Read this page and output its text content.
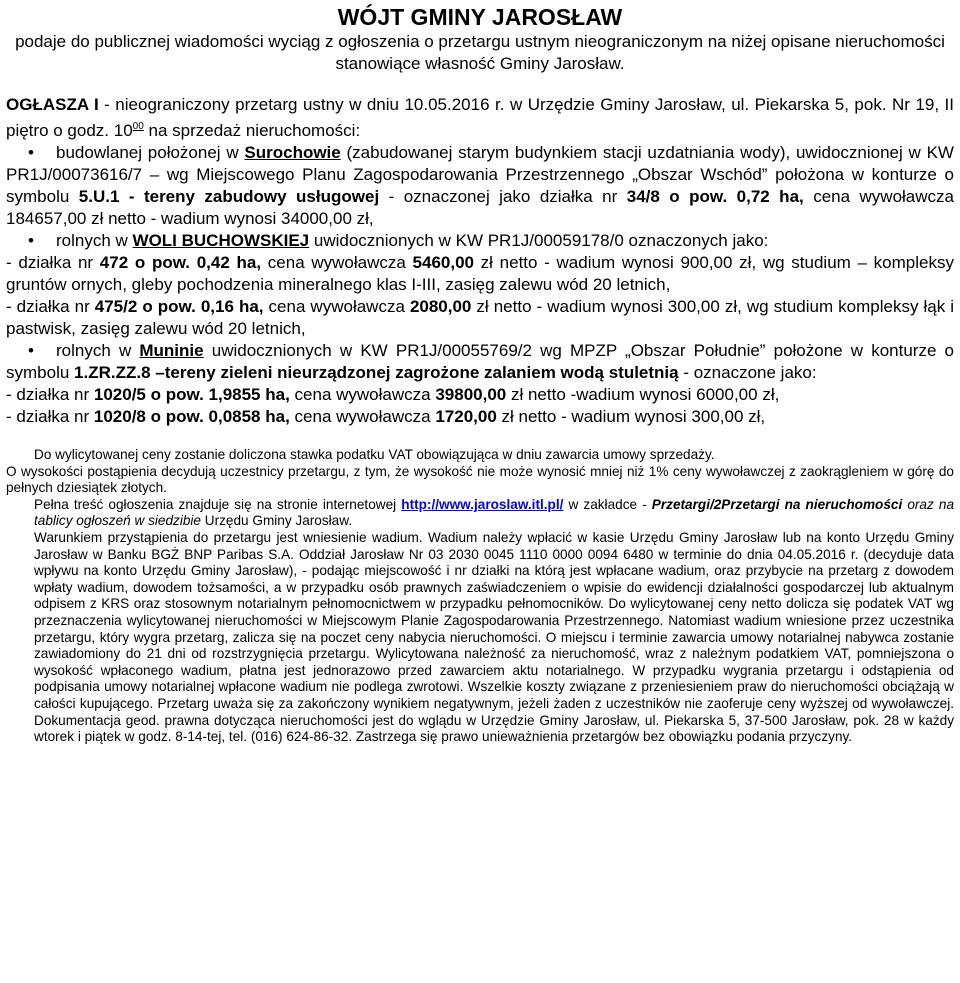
WÓJT GMINY JAROSŁAW
podaje do publicznej wiadomości wyciąg z ogłoszenia o przetargu ustnym nieograniczonym na niżej opisane nieruchomości stanowiące własność Gminy Jarosław.
OGŁASZA I - nieograniczony przetarg ustny w dniu 10.05.2016 r. w Urzędzie Gminy Jarosław, ul. Piekarska 5, pok. Nr 19, II piętro o godz. $10^{00}$ na sprzedaż nieruchomości:
• budowlanej położonej w Surochowie (zabudowanej starym budynkiem stacji uzdatniania wody), uwidocznionej w KW PR1J/00073616/7 – wg Miejscowego Planu Zagospodarowania Przestrzennego „Obszar Wschód” położona w konturze o symbolu 5.U.1 - tereny zabudowy usługowej - oznaczonej jako działka nr 34/8 o pow. 0,72 ha, cena wywoławcza 184657,00 zł netto - wadium wynosi 34000,00 zł,
• rolnych w WOLI BUCHOWSKIEJ uwidocznionych w KW PR1J/00059178/0 oznaczonych jako:
- działka nr 472 o pow. 0,42 ha, cena wywoławcza 5460,00 zł netto - wadium wynosi 900,00 zł, wg studium – kompleksy gruntów ornych, gleby pochodzenia mineralnego klas I-III, zasięg zalewu wód 20 letnich,
- działka nr 475/2 o pow. 0,16 ha, cena wywoławcza 2080,00 zł netto - wadium wynosi 300,00 zł, wg studium kompleksy łąk i pastwisk, zasięg zalewu wód 20 letnich,
• rolnych w Muninie uwidocznionych w KW PR1J/00055769/2 wg MPZP „Obszar Południe” położone w konturze o symbolu 1.ZR.ZZ.8 –tereny zieleni nieurządzonej zagrożone zalaniem wodą stuletnią - oznaczone jako:
- działka nr 1020/5 o pow. 1,9855 ha, cena wywoławcza 39800,00 zł netto -wadium wynosi 6000,00 zł,
- działka nr 1020/8 o pow. 0,0858 ha, cena wywoławcza 1720,00 zł netto - wadium wynosi 300,00 zł,
Do wylicytowanej ceny zostanie doliczona stawka podatku VAT obowiązująca w dniu zawarcia umowy sprzedaży.
O wysokości postąpienia decydują uczestnicy przetargu, z tym, że wysokość nie może wynosić mniej niż 1% ceny wywoławczej z zaokrągleniem w górę do pełnych dziesiątek złotych.
Pełna treść ogłoszenia znajduje się na stronie internetowej http://www.jaroslaw.itl.pl/ w zakładce - Przetargi/2Przetargi na nieruchomości oraz na tablicy ogłoszeń w siedzibie Urzędu Gminy Jarosław.
Warunkiem przystąpienia do przetargu jest wniesienie wadium. Wadium należy wpłacić w kasie Urzędu Gminy Jarosław lub na konto Urzędu Gminy Jarosław w Banku BGŻ BNP Paribas S.A. Oddział Jarosław Nr 03 2030 0045 1110 0000 0094 6480 w terminie do dnia 04.05.2016 r. (decyduje data wpływu na konto Urzędu Gminy Jarosław), - podając miejscowość i nr działki na którą jest wpłacane wadium, oraz przybycie na przetarg z dowodem wpłaty wadium, dowodem tożsamości, a w przypadku osób prawnych zaświadczeniem o wpisie do ewidencji działalności gospodarczej lub aktualnym odpisem z KRS oraz stosownym notarialnym pełnomocnictwem w przypadku pełnomocników. Do wylicytowanej ceny netto dolicza się podatek VAT wg przeznaczenia wylicytowanej nieruchomości w Miejscowym Planie Zagospodarowania Przestrzennego. Natomiast wadium wniesione przez uczestnika przetargu, który wygra przetarg, zalicza się na poczet ceny nabycia nieruchomości. O miejscu i terminie zawarcia umowy notarialnej nabywca zostanie zawiadomiony do 21 dni od rozstrzygnięcia przetargu. Wylicytowana należność za nieruchomość, wraz z należnym podatkiem VAT, pomniejszona o wysokość wpłaconego wadium, płatna jest jednorazowo przed zawarciem aktu notarialnego. W przypadku wygrania przetargu i odstąpienia od podpisania umowy notarialnej wpłacone wadium nie podlega zwrotowi. Wszelkie koszty związane z przeniesieniem praw do nieruchomości obciążają w całości kupującego. Przetarg uważa się za zakończony wynikiem negatywnym, jeżeli żaden z uczestników nie zaoferuje ceny wyższej od wywoławczej. Dokumentacja geod. prawna dotycząca nieruchomości jest do wglądu w Urzędzie Gminy Jarosław, ul. Piekarska 5, 37-500 Jarosław, pok. 28 w każdy wtorek i piątek w godz. 8-14-tej, tel. (016) 624-86-32. Zastrzega się prawo unieważnienia przetargów bez obowiązku podania przyczyny.
